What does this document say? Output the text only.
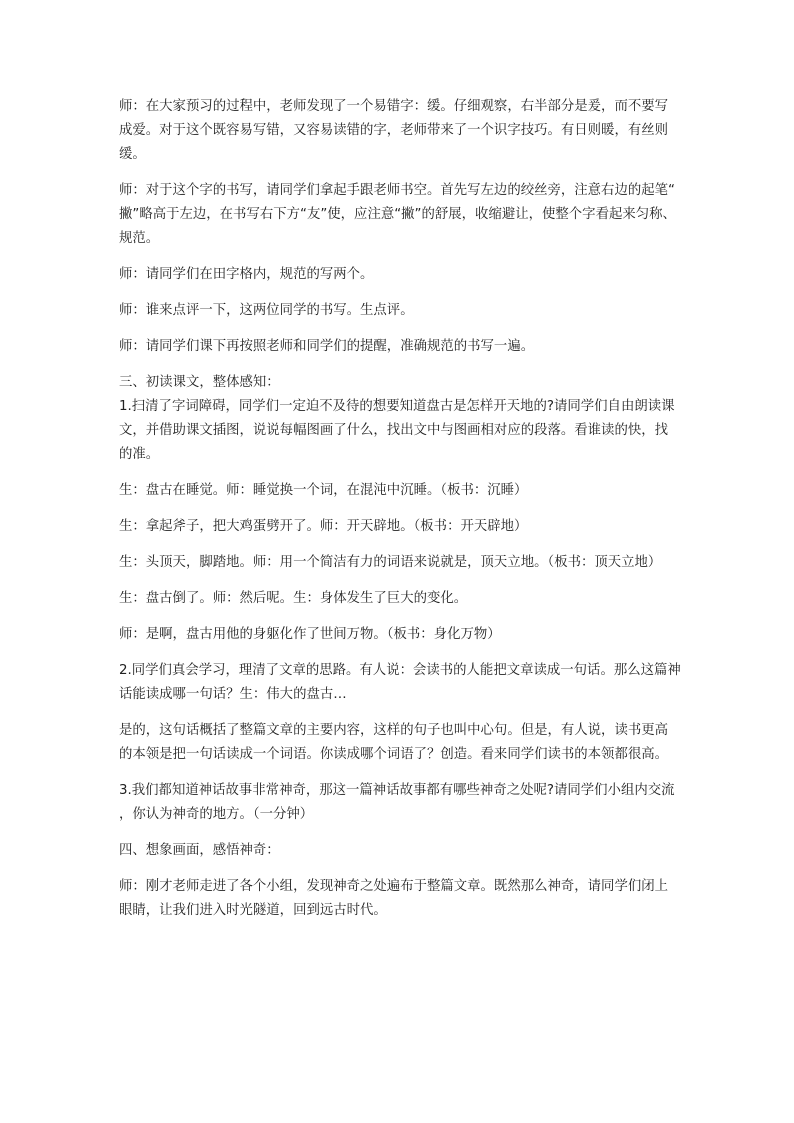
师：在大家预习的过程中，老师发现了一个易错字：缓。仔细观察，右半部分是爰，而不要写成爱。对于这个既容易写错，又容易读错的字，老师带来了一个识字技巧。有日则暖，有丝则缓。

师：对于这个字的书写，请同学们拿起手跟老师书空。首先写左边的绞丝旁，注意右边的起笔“撇”略高于左边，在书写右下方“友”使，应注意“撇”的舒展，收缩避让，使整个字看起来匀称、规范。

师：请同学们在田字格内，规范的写两个。

师：谁来点评一下，这两位同学的书写。生点评。

师：请同学们课下再按照老师和同学们的提醒，准确规范的书写一遍。

三、初读课文，整体感知：

1.扫清了字词障碍，同学们一定迫不及待的想要知道盘古是怎样开天地的?请同学们自由朗读课文，并借助课文插图，说说每幅图画了什么，找出文中与图画相对应的段落。看谁读的快，找的准。

生：盘古在睡觉。师：睡觉换一个词，在混沌中沉睡。（板书：沉睡）

生：拿起斧子，把大鸡蛋劈开了。师：开天辟地。（板书：开天辟地）

生：头顶天，脚踏地。师：用一个简洁有力的词语来说就是，顶天立地。（板书：顶天立地）

生：盘古倒了。师：然后呢。生：身体发生了巨大的变化。

师：是啊，盘古用他的身躯化作了世间万物。（板书：身化万物）

2.同学们真会学习，理清了文章的思路。有人说：会读书的人能把文章读成一句话。那么这篇神话能读成哪一句话？生：伟大的盘古…

是的，这句话概括了整篇文章的主要内容，这样的句子也叫中心句。但是，有人说，读书更高的本领是把一句话读成一个词语。你读成哪个词语了？创造。看来同学们读书的本领都很高。

3.我们都知道神话故事非常神奇，那这一篇神话故事都有哪些神奇之处呢?请同学们小组内交流，你认为神奇的地方。（一分钟）

四、想象画面，感悟神奇：

师：刚才老师走进了各个小组，发现神奇之处遍布于整篇文章。既然那么神奇，请同学们闭上眼睛，让我们进入时光隧道，回到远古时代。
